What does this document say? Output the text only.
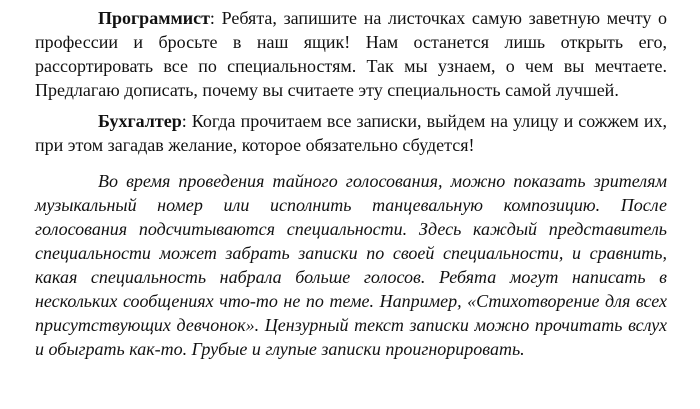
Программист: Ребята, запишите на листочках самую заветную мечту о профессии и бросьте в наш ящик! Нам останется лишь открыть его, рассортировать все по специальностям. Так мы узнаем, о чем вы мечтаете. Предлагаю дописать, почему вы считаете эту специальность самой лучшей.

Бухгалтер: Когда прочитаем все записки, выйдем на улицу и сожжем их, при этом загадав желание, которое обязательно сбудется!

Во время проведения тайного голосования, можно показать зрителям музыкальный номер или исполнить танцевальную композицию. После голосования подсчитываются специальности. Здесь каждый представитель специальности может забрать записки по своей специальности, и сравнить, какая специальность набрала больше голосов. Ребята могут написать в нескольких сообщениях что-то не по теме. Например, «Стихотворение для всех присутствующих девчонок». Цензурный текст записки можно прочитать вслух и обыграть как-то. Грубые и глупые записки проигнорировать.
